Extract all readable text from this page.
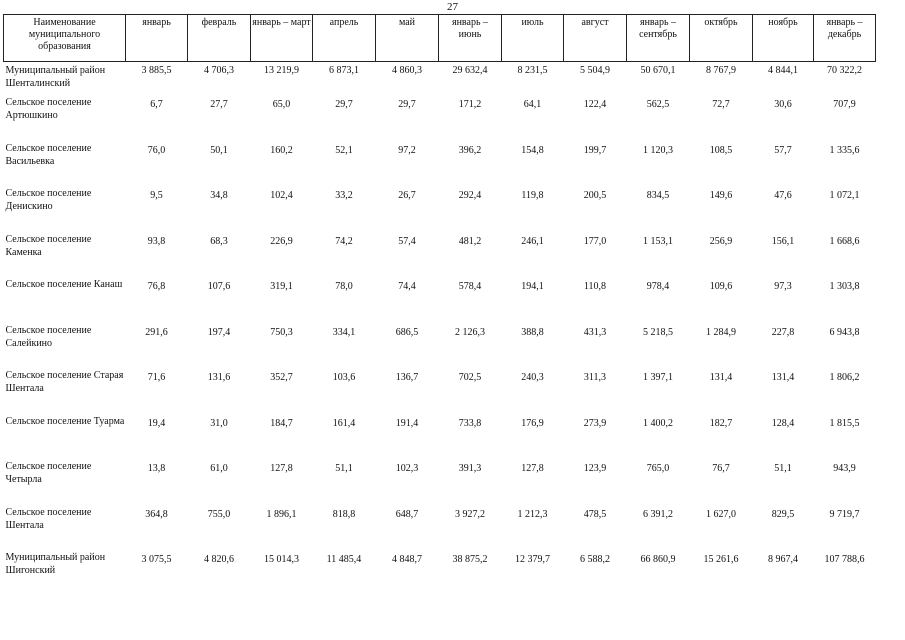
27
Наименование муниципального образования	январь	февраль	январь – март	апрель	май	январь – июнь	июль	август	январь – сентябрь	октябрь	ноябрь	январь – декабрь
Муниципальный район Шенталинский	3 885,5	4 706,3	13 219,9	6 873,1	4 860,3	29 632,4	8 231,5	5 504,9	50 670,1	8 767,9	4 844,1	70 322,2
Сельское поселение Артюшкино	6,7	27,7	65,0	29,7	29,7	171,2	64,1	122,4	562,5	72,7	30,6	707,9
Сельское поселение Васильевка	76,0	50,1	160,2	52,1	97,2	396,2	154,8	199,7	1 120,3	108,5	57,7	1 335,6
Сельское поселение Денискино	9,5	34,8	102,4	33,2	26,7	292,4	119,8	200,5	834,5	149,6	47,6	1 072,1
Сельское поселение Каменка	93,8	68,3	226,9	74,2	57,4	481,2	246,1	177,0	1 153,1	256,9	156,1	1 668,6
Сельское поселение Канаш	76,8	107,6	319,1	78,0	74,4	578,4	194,1	110,8	978,4	109,6	97,3	1 303,8
Сельское поселение Салейкино	291,6	197,4	750,3	334,1	686,5	2 126,3	388,8	431,3	5 218,5	1 284,9	227,8	6 943,8
Сельское поселение Старая Шентала	71,6	131,6	352,7	103,6	136,7	702,5	240,3	311,3	1 397,1	131,4	131,4	1 806,2
Сельское поселение Туарма	19,4	31,0	184,7	161,4	191,4	733,8	176,9	273,9	1 400,2	182,7	128,4	1 815,5
Сельское поселение Четырла	13,8	61,0	127,8	51,1	102,3	391,3	127,8	123,9	765,0	76,7	51,1	943,9
Сельское поселение Шентала	364,8	755,0	1 896,1	818,8	648,7	3 927,2	1 212,3	478,5	6 391,2	1 627,0	829,5	9 719,7
Муниципальный район Шигонский	3 075,5	4 820,6	15 014,3	11 485,4	4 848,7	38 875,2	12 379,7	6 588,2	66 860,9	15 261,6	8 967,4	107 788,6
